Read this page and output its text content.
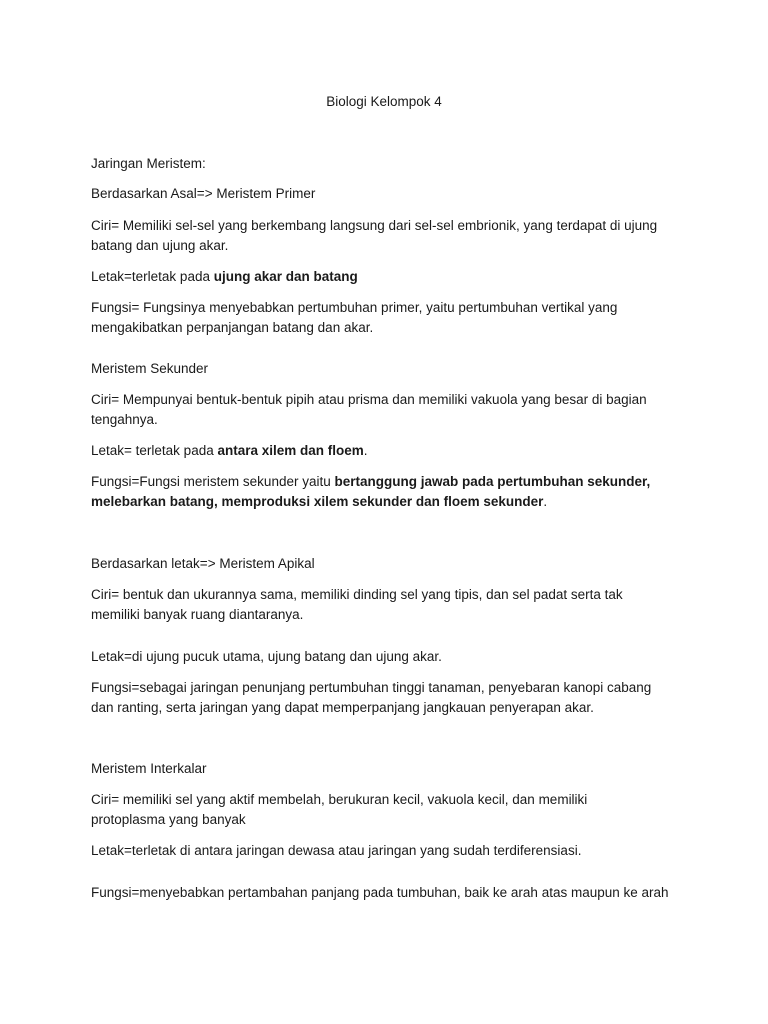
Biologi Kelompok 4
Jaringan Meristem:
Berdasarkan Asal=> Meristem Primer
Ciri= Memiliki sel-sel yang berkembang langsung dari sel-sel embrionik, yang terdapat di ujung
batang dan ujung akar.
Letak=terletak pada ujung akar dan batang
Fungsi= Fungsinya menyebabkan pertumbuhan primer, yaitu pertumbuhan vertikal yang
mengakibatkan perpanjangan batang dan akar.
Meristem Sekunder
Ciri= Mempunyai bentuk-bentuk pipih atau prisma dan memiliki vakuola yang besar di bagian
tengahnya.
Letak= terletak pada antara xilem dan floem.
Fungsi=Fungsi meristem sekunder yaitu bertanggung jawab pada pertumbuhan sekunder,
melebarkan batang, memproduksi xilem sekunder dan floem sekunder.
Berdasarkan letak=> Meristem Apikal
Ciri= bentuk dan ukurannya sama, memiliki dinding sel yang tipis, dan sel padat serta tak
memiliki banyak ruang diantaranya.
Letak=di ujung pucuk utama, ujung batang dan ujung akar.
Fungsi=sebagai jaringan penunjang pertumbuhan tinggi tanaman, penyebaran kanopi cabang
dan ranting, serta jaringan yang dapat memperpanjang jangkauan penyerapan akar.
Meristem Interkalar
Ciri= memiliki sel yang aktif membelah, berukuran kecil, vakuola kecil, dan memiliki
protoplasma yang banyak
Letak=terletak di antara jaringan dewasa atau jaringan yang sudah terdiferensiasi.
Fungsi=menyebabkan pertambahan panjang pada tumbuhan, baik ke arah atas maupun ke arah
